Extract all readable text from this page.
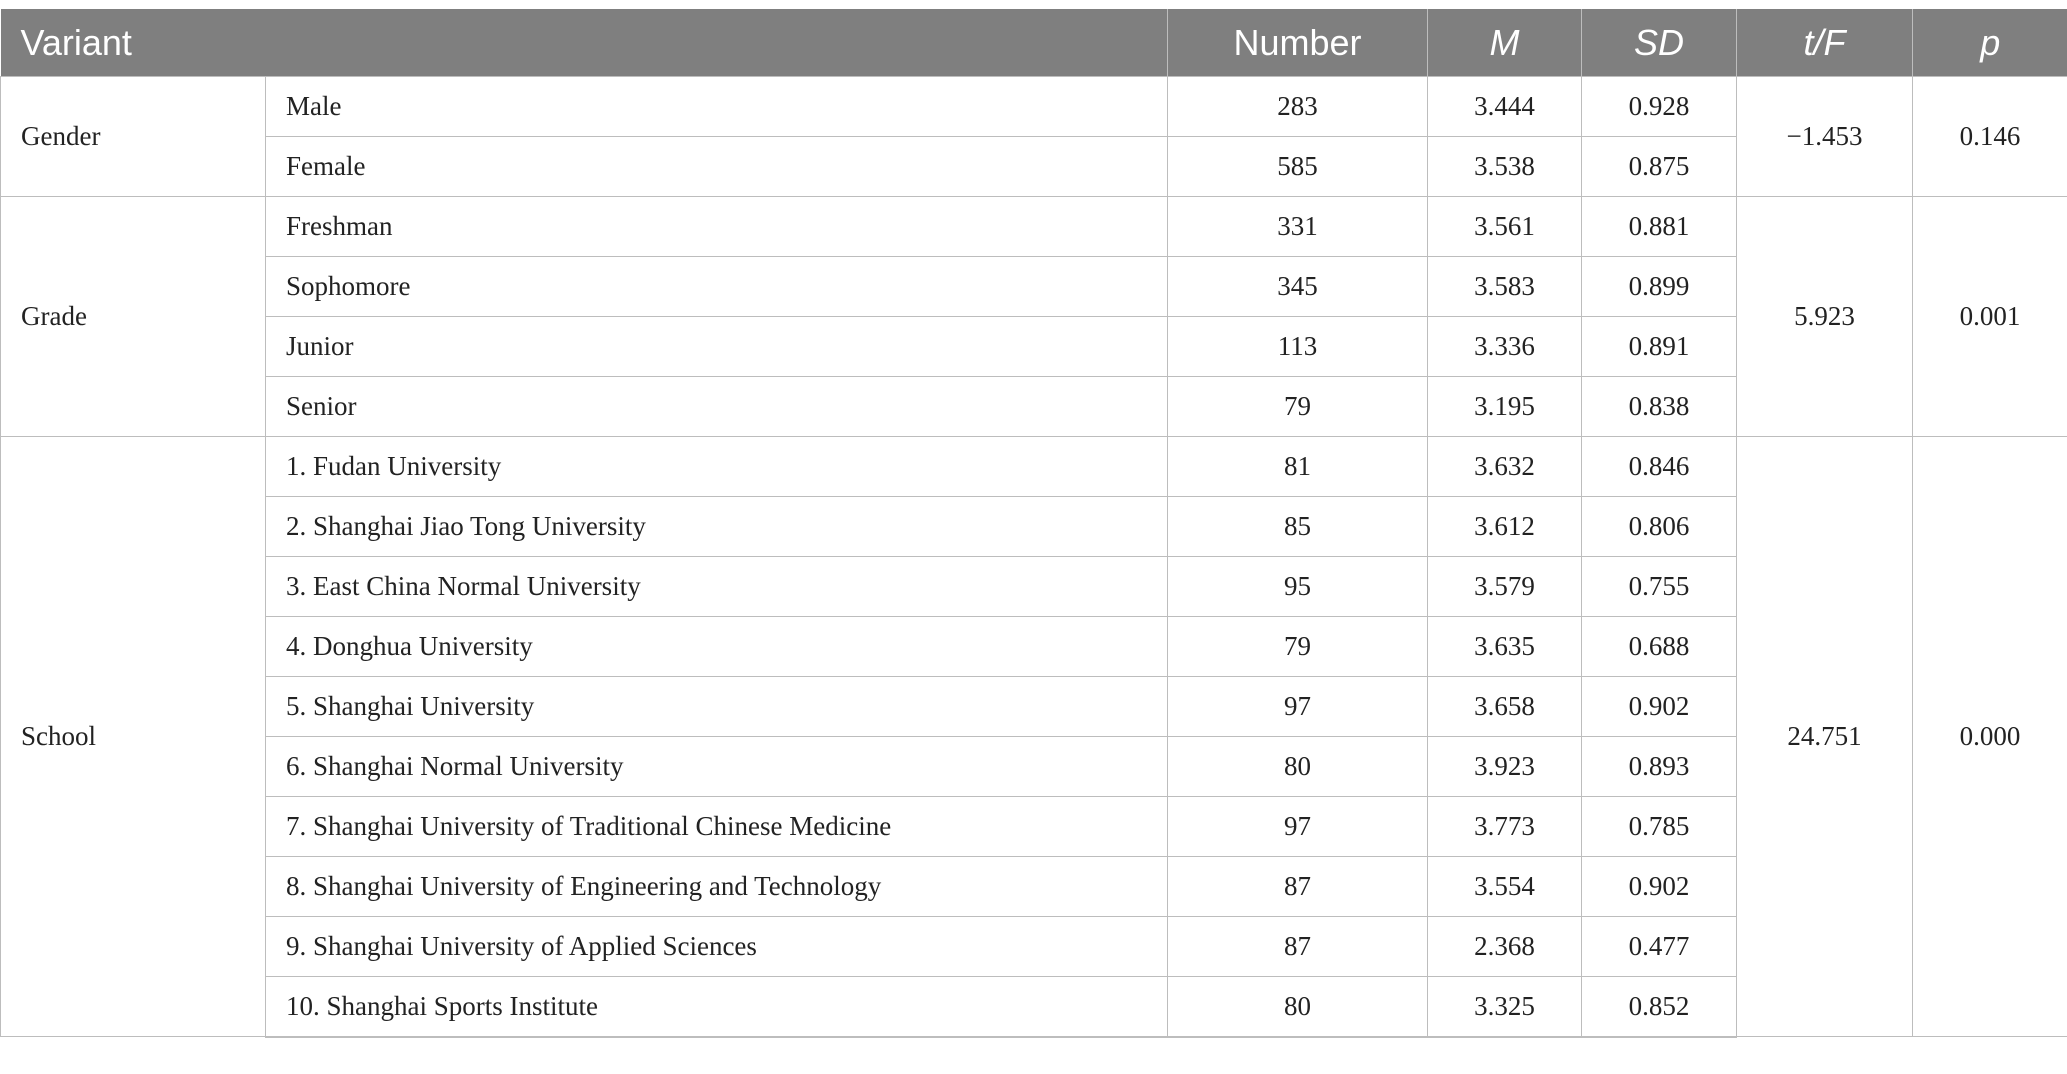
Variant		Number	M	SD	t/F	p
Gender	Male	283	3.444	0.928	−1.453	0.146
	Female	585	3.538	0.875		
Grade	Freshman	331	3.561	0.881	5.923	0.001
	Sophomore	345	3.583	0.899		
	Junior	113	3.336	0.891		
	Senior	79	3.195	0.838		
School	1. Fudan University	81	3.632	0.846	24.751	0.000
	2. Shanghai Jiao Tong University	85	3.612	0.806		
	3. East China Normal University	95	3.579	0.755		
	4. Donghua University	79	3.635	0.688		
	5. Shanghai University	97	3.658	0.902		
	6. Shanghai Normal University	80	3.923	0.893		
	7. Shanghai University of Traditional Chinese Medicine	97	3.773	0.785		
	8. Shanghai University of Engineering and Technology	87	3.554	0.902		
	9. Shanghai University of Applied Sciences	87	2.368	0.477		
	10. Shanghai Sports Institute	80	3.325	0.852		
